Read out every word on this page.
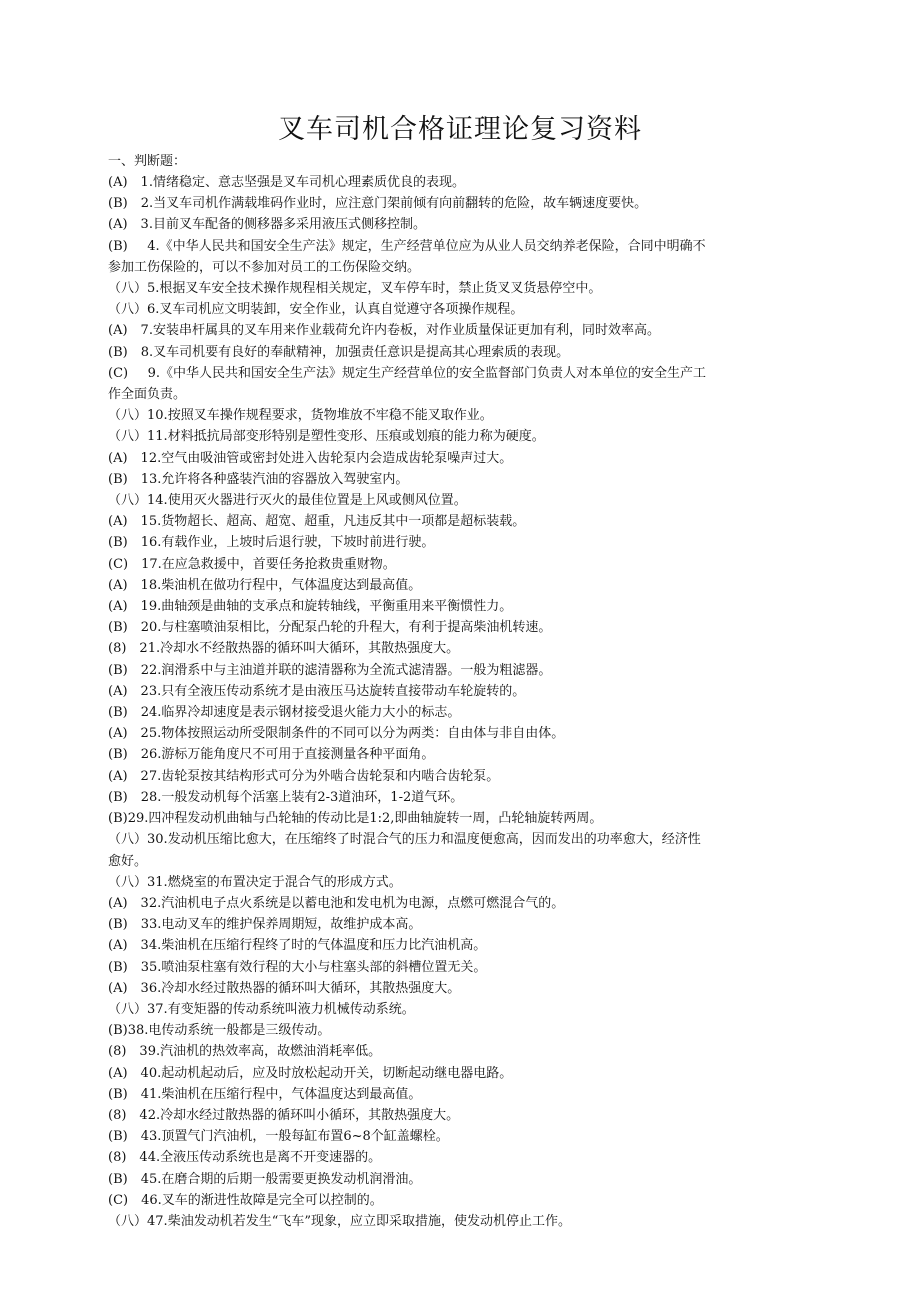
叉车司机合格证理论复习资料
一、判断题：
(A)  1.情绪稳定、意志坚强是叉车司机心理素质优良的表现。
(B)  2.当叉车司机作满载堆码作业时，应注意门架前倾有向前翻转的危险，故车辆速度要快。
(A)  3.目前叉车配备的侧移器多采用液压式侧移控制。
(B)   4.《中华人民共和国安全生产法》规定，生产经营单位应为从业人员交纳养老保险，合同中明确不
参加工伤保险的，可以不参加对员工的工伤保险交纳。
（八）5.根据叉车安全技术操作规程相关规定，叉车停车时，禁止货叉叉货悬停空中。
（八）6.叉车司机应文明装卸，安全作业，认真自觉遵守各项操作规程。
(A)  7.安装串杆属具的叉车用来作业载荷允许内卷板，对作业质量保证更加有利，同时效率高。
(B)  8.叉车司机要有良好的奉献精神，加强责任意识是提高其心理索质的表现。
(C)   9.《中华人民共和国安全生产法》规定生产经营单位的安全监督部门负责人对本单位的安全生产工
作全面负责。
（八）10.按照叉车操作规程要求，货物堆放不牢稳不能叉取作业。
（八）11.材料抵抗局部变形特别是塑性变形、压痕或划痕的能力称为硬度。
(A)  12.空气由吸油管或密封处进入齿轮泵内会造成齿轮泵噪声过大。
(B)  13.允许将各种盛装汽油的容器放入驾驶室内。
（八）14.使用灭火器进行灭火的最佳位置是上风或侧风位置。
(A)  15.货物超长、超高、超宽、超重，凡违反其中一项都是超标装载。
(B)  16.有载作业，上坡时后退行驶，下坡时前进行驶。
(C)  17.在应急救援中，首要任务抢救贵重财物。
(A)  18.柴油机在做功行程中，气体温度达到最高值。
(A)  19.曲轴颈是曲轴的支承点和旋转轴线，平衡重用来平衡惯性力。
(B)  20.与柱塞喷油泵相比，分配泵凸轮的升程大，有利于提高柴油机转速。
(8)  21.冷却水不经散热器的循环叫大循环，其散热强度大。
(B)  22.润滑系中与主油道并联的滤清器称为全流式滤清器。一般为粗滤器。
(A)  23.只有全液压传动系统才是由液压马达旋转直接带动车轮旋转的。
(B)  24.临界冷却速度是表示钢材接受退火能力大小的标志。
(A)  25.物体按照运动所受限制条件的不同可以分为两类：自由体与非自由体。
(B)  26.游标万能角度尺不可用于直接测量各种平面角。
(A)  27.齿轮泵按其结构形式可分为外啮合齿轮泵和内啮合齿轮泵。
(B)  28.一般发动机每个活塞上装有2-3道油环，1-2道气环。
(B)29.四冲程发动机曲轴与凸轮轴的传动比是1:2,即曲轴旋转一周，凸轮轴旋转两周。
（八）30.发动机压缩比愈大，在压缩终了时混合气的压力和温度便愈高，因而发出的功率愈大，经济性
愈好。
（八）31.燃烧室的布置决定于混合气的形成方式。
(A)  32.汽油机电子点火系统是以蓄电池和发电机为电源，点燃可燃混合气的。
(B)  33.电动叉车的维护保养周期短，故维护成本高。
(A)  34.柴油机在压缩行程终了时的气体温度和压力比汽油机高。
(B)  35.喷油泵柱塞有效行程的大小与柱塞头部的斜槽位置无关。
(A)  36.冷却水经过散热器的循环叫大循环，其散热强度大。
（八）37.有变矩器的传动系统叫液力机械传动系统。
(B)38.电传动系统一般都是三级传动。
(8)  39.汽油机的热效率高，故燃油消耗率低。
(A)  40.起动机起动后，应及时放松起动开关，切断起动继电器电路。
(B)  41.柴油机在压缩行程中，气体温度达到最高值。
(8)  42.冷却水经过散热器的循环叫小循环，其散热强度大。
(B)  43.顶置气门汽油机，一般每缸布置6~8个缸盖螺栓。
(8)  44.全液压传动系统也是离不开变速器的。
(B)  45.在磨合期的后期一般需要更换发动机润滑油。
(C)  46.叉车的渐进性故障是完全可以控制的。
（八）47.柴油发动机若发生“飞车”现象，应立即采取措施，使发动机停止工作。
